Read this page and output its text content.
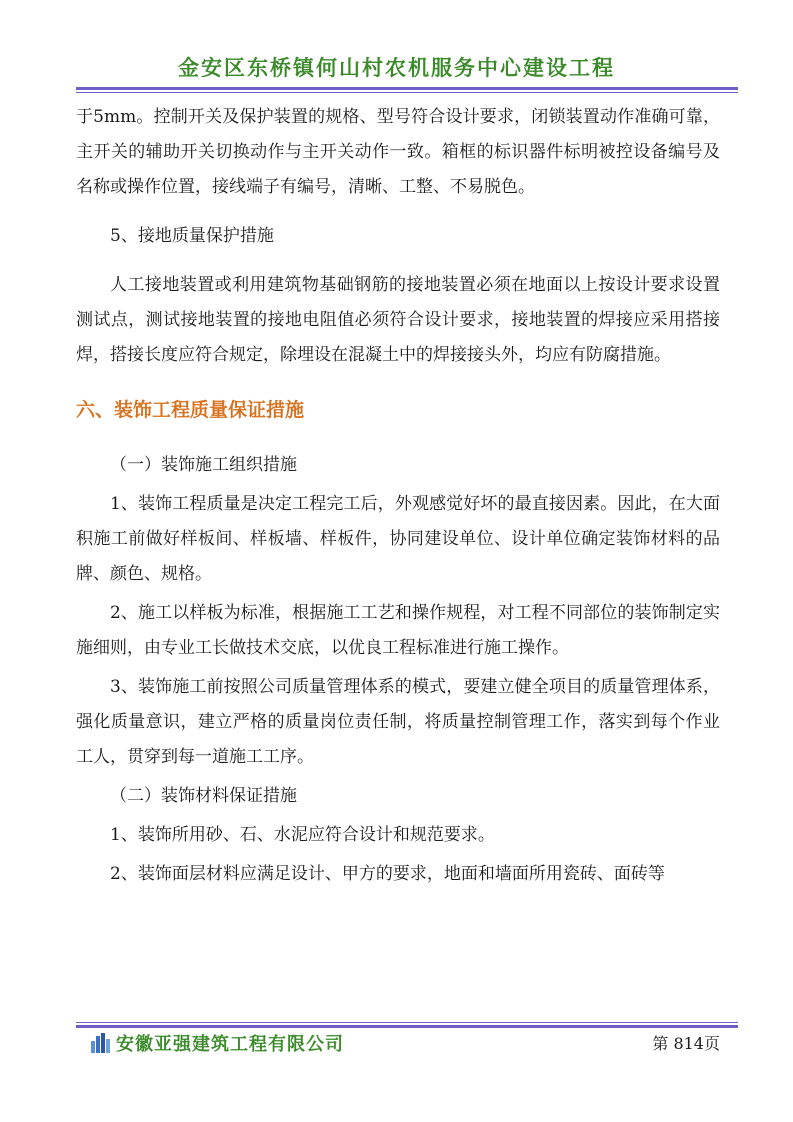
金安区东桥镇何山村农机服务中心建设工程

于5mm。控制开关及保护装置的规格、型号符合设计要求，闭锁装置动作准确可靠，主开关的辅助开关切换动作与主开关动作一致。箱框的标识器件标明被控设备编号及名称或操作位置，接线端子有编号，清晰、工整、不易脱色。

5、接地质量保护措施

人工接地装置或利用建筑物基础钢筋的接地装置必须在地面以上按设计要求设置测试点，测试接地装置的接地电阻值必须符合设计要求，接地装置的焊接应采用搭接焊，搭接长度应符合规定，除埋设在混凝土中的焊接接头外，均应有防腐措施。

六、装饰工程质量保证措施

（一）装饰施工组织措施

1、装饰工程质量是决定工程完工后，外观感觉好坏的最直接因素。因此，在大面积施工前做好样板间、样板墙、样板件，协同建设单位、设计单位确定装饰材料的品牌、颜色、规格。

2、施工以样板为标准，根据施工工艺和操作规程，对工程不同部位的装饰制定实施细则，由专业工长做技术交底，以优良工程标准进行施工操作。

3、装饰施工前按照公司质量管理体系的模式，要建立健全项目的质量管理体系，强化质量意识，建立严格的质量岗位责任制，将质量控制管理工作，落实到每个作业工人，贯穿到每一道施工工序。

（二）装饰材料保证措施

1、装饰所用砂、石、水泥应符合设计和规范要求。

2、装饰面层材料应满足设计、甲方的要求，地面和墙面所用瓷砖、面砖等

安徽亚强建筑工程有限公司	第 814页
